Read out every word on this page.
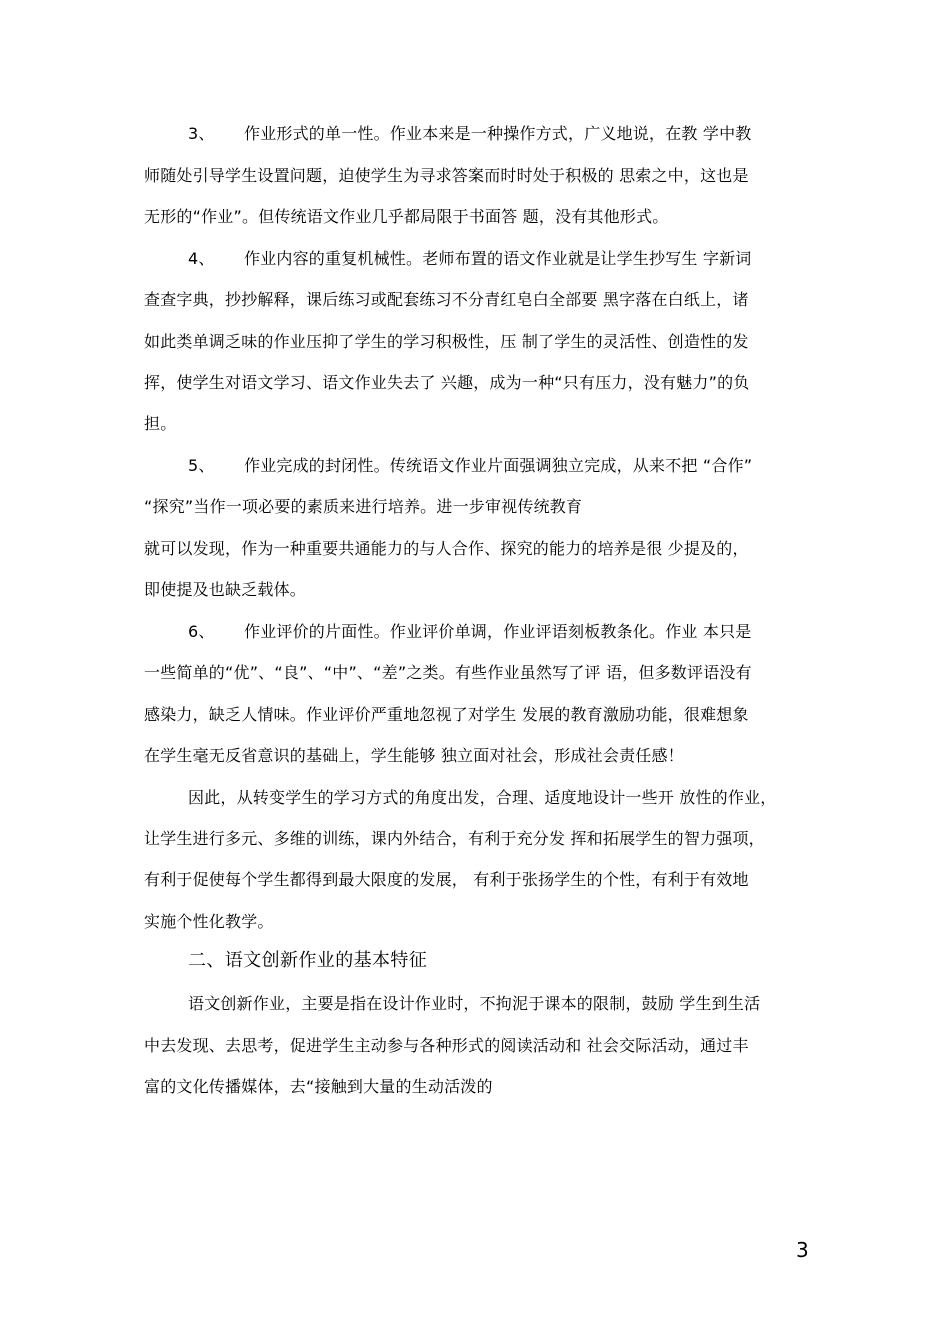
3、 作业形式的单一性。作业本来是一种操作方式，广义地说，在教 学中教
师随处引导学生设置问题，迫使学生为寻求答案而时时处于积极的 思索之中，这也是
无形的“作业”。但传统语文作业几乎都局限于书面答 题，没有其他形式。
4、 作业内容的重复机械性。老师布置的语文作业就是让学生抄写生 字新词
查查字典，抄抄解释，课后练习或配套练习不分青红皂白全部要 黑字落在白纸上，诸
如此类单调乏味的作业压抑了学生的学习积极性，压 制了学生的灵活性、创造性的发
挥，使学生对语文学习、语文作业失去了 兴趣，成为一种“只有压力，没有魅力”的负
担。
5、 作业完成的封闭性。传统语文作业片面强调独立完成，从来不把 “合作”
“探究”当作一项必要的素质来进行培养。进一步审视传统教育
就可以发现，作为一种重要共通能力的与人合作、探究的能力的培养是很 少提及的，
即使提及也缺乏载体。
6、 作业评价的片面性。作业评价单调，作业评语刻板教条化。作业 本只是
一些简单的“优”、“良”、“中”、“差”之类。有些作业虽然写了评 语，但多数评语没有
感染力，缺乏人情味。作业评价严重地忽视了对学生 发展的教育激励功能，很难想象
在学生毫无反省意识的基础上，学生能够 独立面对社会，形成社会责任感！
因此，从转变学生的学习方式的角度出发，合理、适度地设计一些开 放性的作业，
让学生进行多元、多维的训练，课内外结合，有利于充分发 挥和拓展学生的智力强项，
有利于促使每个学生都得到最大限度的发展， 有利于张扬学生的个性，有利于有效地
实施个性化教学。
二、语文创新作业的基本特征
语文创新作业，主要是指在设计作业时，不拘泥于课本的限制，鼓励 学生到生活
中去发现、去思考，促进学生主动参与各种形式的阅读活动和 社会交际活动，通过丰
富的文化传播媒体，去“接触到大量的生动活泼的
3
